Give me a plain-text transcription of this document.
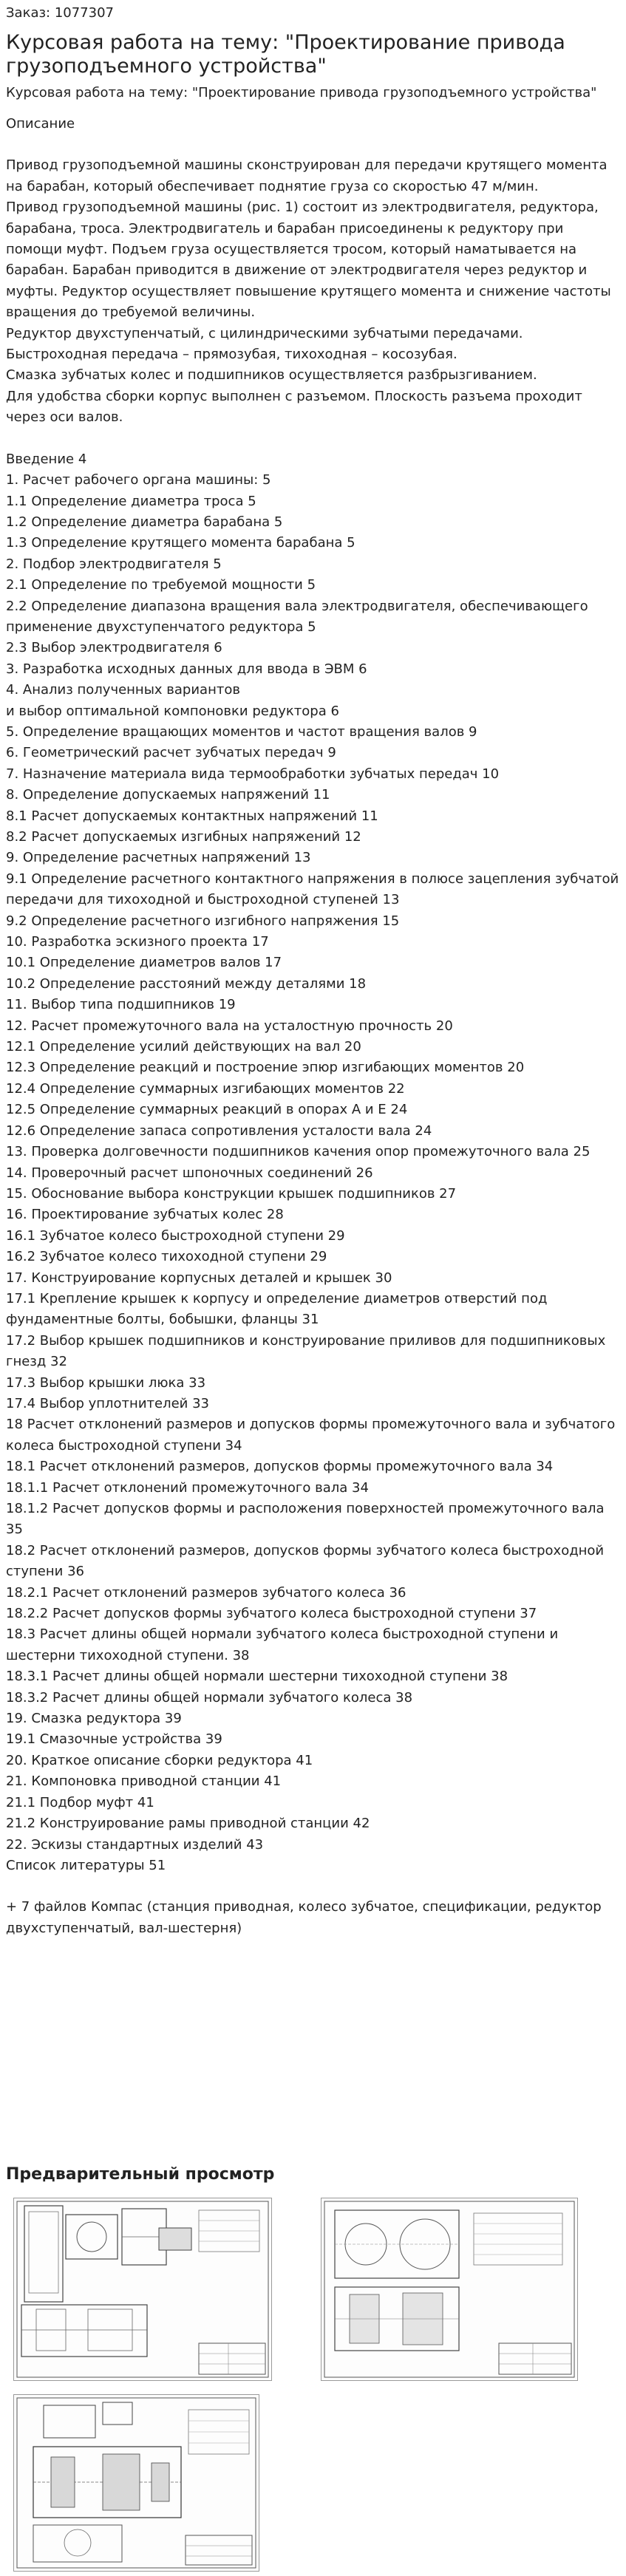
Заказ: 1077307
Курсовая работа на тему: "Проектирование привода грузоподъемного устройства"
Курсовая работа на тему: "Проектирование привода грузоподъемного устройства"
Описание
Привод грузоподъемной машины сконструирован для передачи крутящего момента на барабан, который обеспечивает поднятие груза со скоростью 47 м/мин.
Привод грузоподъемной машины (рис. 1) состоит из электродвигателя, редуктора, барабана, троса. Электродвигатель и барабан присоединены к редуктору при помощи муфт. Подъем груза осуществляется тросом, который наматывается на барабан. Барабан приводится в движение от электродвигателя через редуктор и муфты. Редуктор осуществляет повышение крутящего момента и снижение частоты вращения до требуемой величины.
Редуктор двухступенчатый, с цилиндрическими зубчатыми передачами. Быстроходная передача – прямозубая, тихоходная – косозубая.
Смазка зубчатых колес и подшипников осуществляется разбрызгиванием.
Для удобства сборки корпус выполнен с разъемом. Плоскость разъема проходит через оси валов.
Введение 4
1. Расчет рабочего органа машины: 5
1.1 Определение диаметра троса 5
1.2 Определение диаметра барабана 5
1.3 Определение крутящего момента барабана 5
2. Подбор электродвигателя 5
2.1 Определение по требуемой мощности 5
2.2 Определение диапазона вращения вала электродвигателя, обеспечивающего применение двухступенчатого редуктора 5
2.3 Выбор электродвигателя 6
3. Разработка исходных данных для ввода в ЭВМ 6
4. Анализ полученных вариантов
и выбор оптимальной компоновки редуктора 6
5. Определение вращающих моментов и частот вращения валов 9
6. Геометрический расчет зубчатых передач 9
7. Назначение материала вида термообработки зубчатых передач 10
8. Определение допускаемых напряжений 11
8.1 Расчет допускаемых контактных напряжений 11
8.2 Расчет допускаемых изгибных напряжений 12
9. Определение расчетных напряжений 13
9.1 Определение расчетного контактного напряжения в полюсе зацепления зубчатой передачи для тихоходной и быстроходной ступеней 13
9.2 Определение расчетного изгибного напряжения 15
10. Разработка эскизного проекта 17
10.1 Определение диаметров валов 17
10.2 Определение расстояний между деталями 18
11. Выбор типа подшипников 19
12. Расчет промежуточного вала на усталостную прочность 20
12.1 Определение усилий действующих на вал 20
12.3 Определение реакций и построение эпюр изгибающих моментов 20
12.4 Определение суммарных изгибающих моментов 22
12.5 Определение суммарных реакций в опорах А и Е 24
12.6 Определение запаса сопротивления усталости вала 24
13. Проверка долговечности подшипников качения опор промежуточного вала 25
14. Проверочный расчет шпоночных соединений 26
15. Обоснование выбора конструкции крышек подшипников 27
16. Проектирование зубчатых колес 28
16.1 Зубчатое колесо быстроходной ступени 29
16.2 Зубчатое колесо тихоходной ступени 29
17. Конструирование корпусных деталей и крышек 30
17.1 Крепление крышек к корпусу и определение диаметров отверстий под фундаментные болты, бобышки, фланцы 31
17.2 Выбор крышек подшипников и конструирование приливов для подшипниковых гнезд 32
17.3 Выбор крышки люка 33
17.4 Выбор уплотнителей 33
18 Расчет отклонений размеров и допусков формы промежуточного вала и зубчатого колеса быстроходной ступени 34
18.1 Расчет отклонений размеров, допусков формы промежуточного вала 34
18.1.1 Расчет отклонений промежуточного вала 34
18.1.2 Расчет допусков формы и расположения поверхностей промежуточного вала 35
18.2 Расчет отклонений размеров, допусков формы зубчатого колеса быстроходной ступени 36
18.2.1 Расчет отклонений размеров зубчатого колеса 36
18.2.2 Расчет допусков формы зубчатого колеса быстроходной ступени 37
18.3 Расчет длины общей нормали зубчатого колеса быстроходной ступени и шестерни тихоходной ступени. 38
18.3.1 Расчет длины общей нормали шестерни тихоходной ступени 38
18.3.2 Расчет длины общей нормали зубчатого колеса 38
19. Смазка редуктора 39
19.1 Смазочные устройства 39
20. Краткое описание сборки редуктора 41
21. Компоновка приводной станции 41
21.1 Подбор муфт 41
21.2 Конструирование рамы приводной станции 42
22. Эскизы стандартных изделий 43
Список литературы 51
+ 7 файлов Компас (станция приводная, колесо зубчатое, спецификации, редуктор двухступенчатый, вал-шестерня)
Предварительный просмотр
